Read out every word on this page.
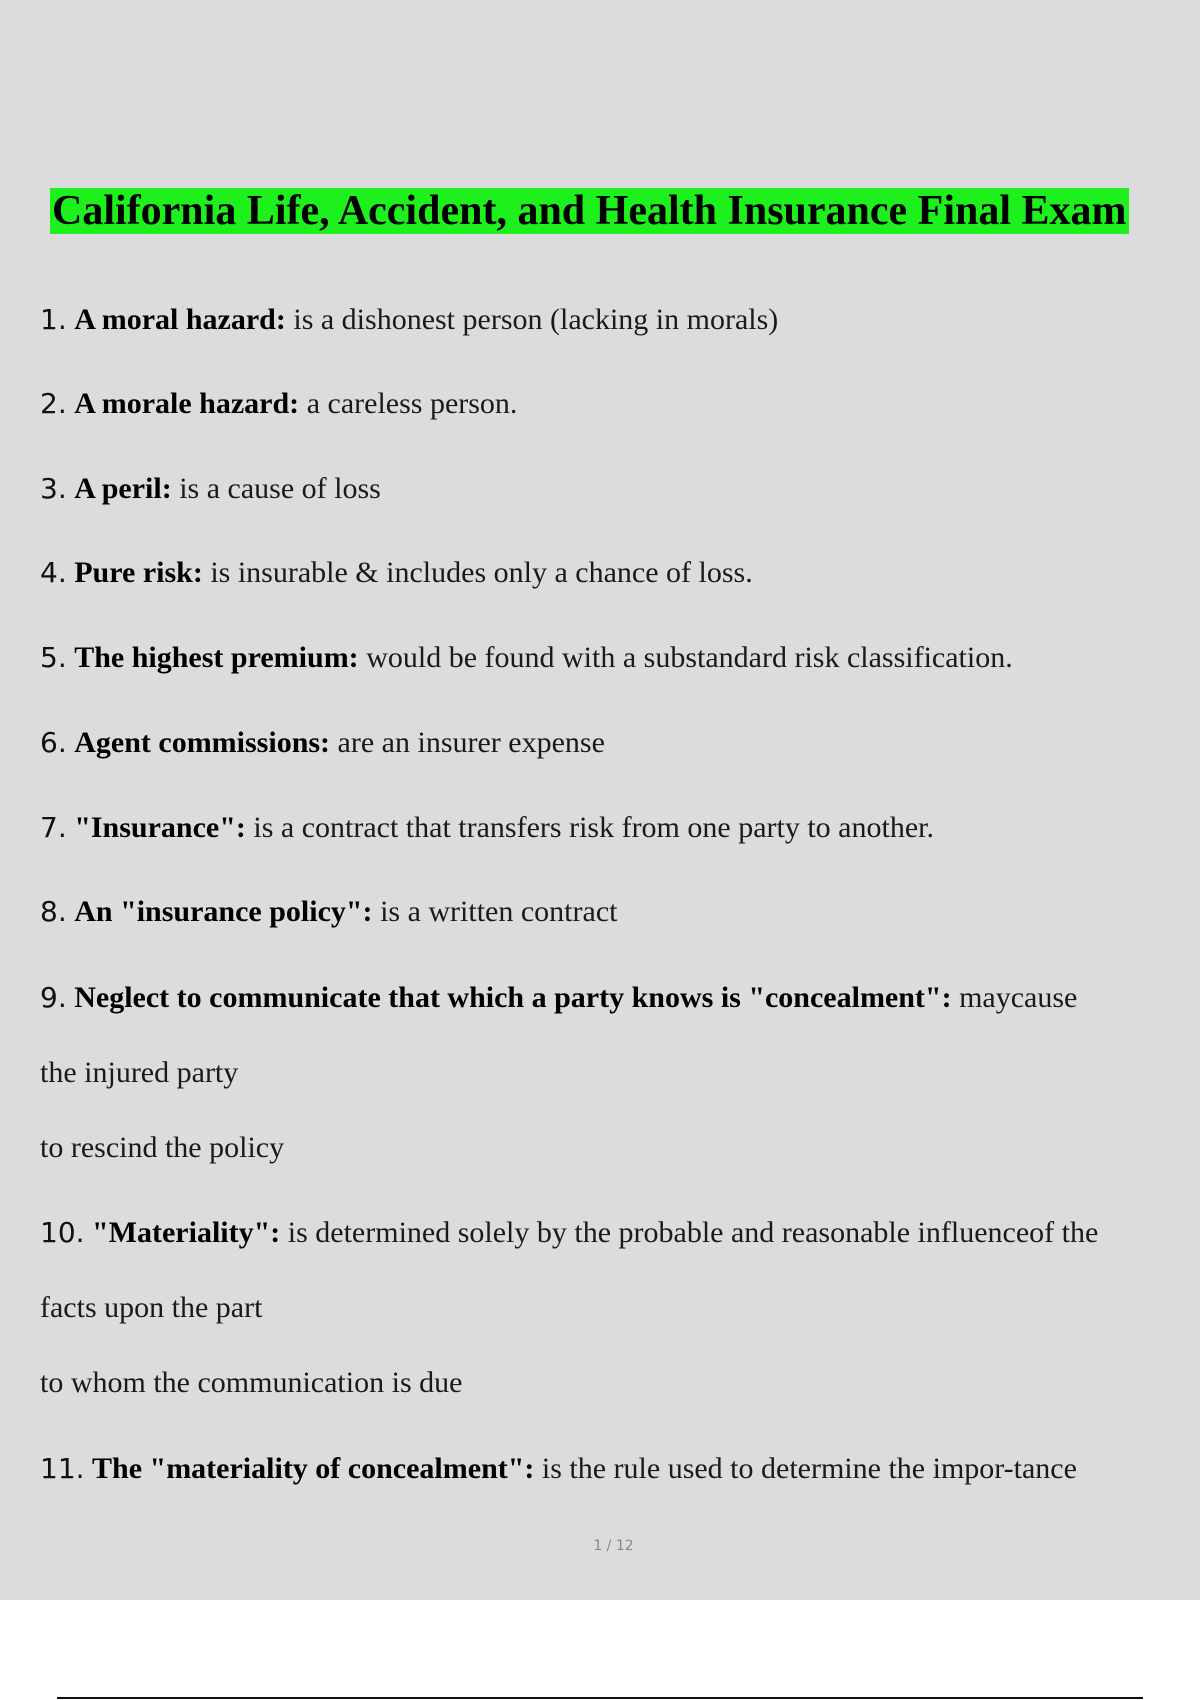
California Life, Accident, and Health Insurance Final Exam
1. A moral hazard: is a dishonest person (lacking in morals)
2. A morale hazard: a careless person.
3. A peril: is a cause of loss
4. Pure risk: is insurable & includes only a chance of loss.
5. The highest premium: would be found with a substandard risk classification.
6. Agent commissions: are an insurer expense
7. "Insurance": is a contract that transfers risk from one party to another.
8. An "insurance policy": is a written contract
9. Neglect to communicate that which a party knows is "concealment": maycause
the injured party
to rescind the policy
10. "Materiality": is determined solely by the probable and reasonable influenceof the
facts upon the part
to whom the communication is due
11. The "materiality of concealment": is the rule used to determine the impor-tance
1 / 12
